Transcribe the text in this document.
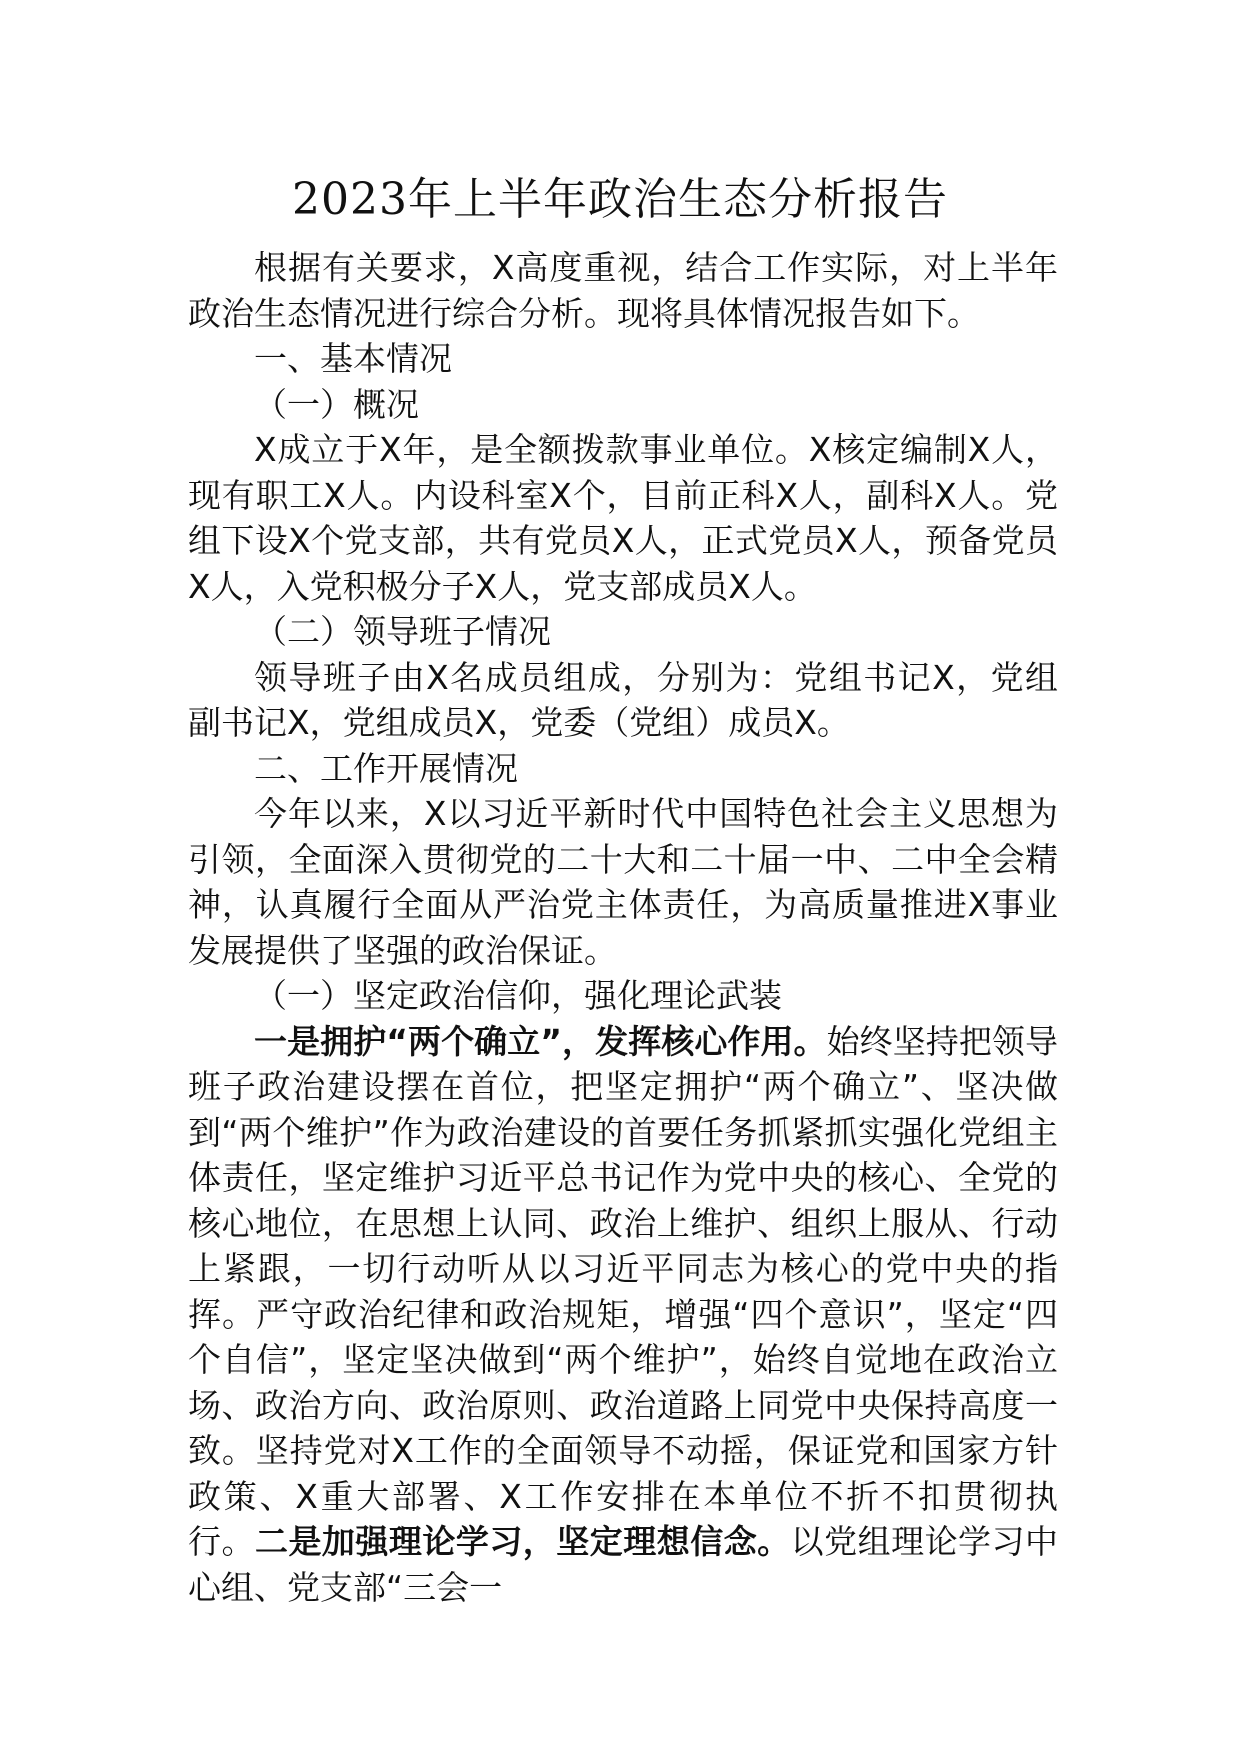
2023年上半年政治生态分析报告

根据有关要求，X高度重视，结合工作实际，对上半年政治生态情况进行综合分析。现将具体情况报告如下。

一、基本情况

（一）概况

X成立于X年，是全额拨款事业单位。X核定编制X人，现有职工X人。内设科室X个，目前正科X人，副科X人。党组下设X个党支部，共有党员X人，正式党员X人，预备党员X人，入党积极分子X人，党支部成员X人。

（二）领导班子情况

领导班子由X名成员组成，分别为：党组书记X，党组副书记X，党组成员X，党委（党组）成员X。

二、工作开展情况

今年以来，X以习近平新时代中国特色社会主义思想为引领，全面深入贯彻党的二十大和二十届一中、二中全会精神，认真履行全面从严治党主体责任，为高质量推进X事业发展提供了坚强的政治保证。

（一）坚定政治信仰，强化理论武装

一是拥护“两个确立”，发挥核心作用。始终坚持把领导班子政治建设摆在首位，把坚定拥护“两个确立”、坚决做到“两个维护”作为政治建设的首要任务抓紧抓实强化党组主体责任，坚定维护习近平总书记作为党中央的核心、全党的核心地位，在思想上认同、政治上维护、组织上服从、行动上紧跟，一切行动听从以习近平同志为核心的党中央的指挥。严守政治纪律和政治规矩，增强“四个意识”，坚定“四个自信”，坚定坚决做到“两个维护”，始终自觉地在政治立场、政治方向、政治原则、政治道路上同党中央保持高度一致。坚持党对X工作的全面领导不动摇，保证党和国家方针政策、X重大部署、X工作安排在本单位不折不扣贯彻执行。二是加强理论学习，坚定理想信念。以党组理论学习中心组、党支部“三会一
